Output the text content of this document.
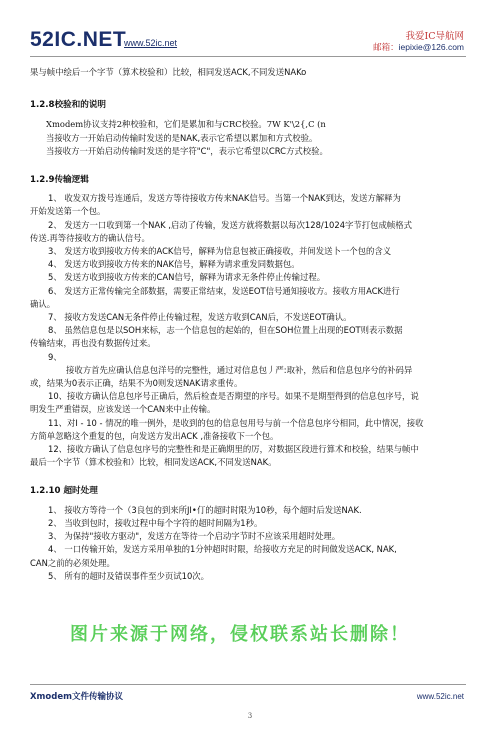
52IC.NET
www.52ic.net
我爱IC导航网
邮箱：iepixie@126.com

果与帧中绘后一个字节（算术校验和）比较，相同发送ACK,不同发送NAKo

1.2.8校验和的说明

Xmodem协议支持2种校验和，它们是累加和与CRC校验。7W K'\2{,C (n

当接收方一开始启动传输时发送的是NAK,表示它希望以累加和方式校验。

当接收方一开始启动传输时发送的是字符"C"，表示它希望以CRC方式校验。

1.2.9传输逻辑

1、 收发双方拨号连通后，发送方等待接收方传来NAK信号。当第一个NAK到达，发送方解释为

开始发送第一个包。

2、 发送方一口收到第一个NAK ,启动了传输，发送方就将数据以每次128/1024字节打包成帧格式

传送.再等待接收方的确认信号。

3、 发送方收到接收方传来的ACK信号，解释为信息包被正确接收，并间发送卜一个包的含义

4、 发送方收到接收方传来的NAK信号，解释为请求重发同数据包。

5、 发送方收到接收方传来的CAN信号，解释为请求无条件停止传输过程。

6、 发送方正常传输完全部数据，需要正常结束，发送EOT信号通知接收方。接收方用ACK进行

确认。

7、 接收方发送CAN无条件停止传输过程，发送方收到CAN后，不发送EOT确认。

8、 虽然信息包是以SOH来标，志一个信息包的起始的，但在SOH位置上出现的EOT则表示数据

传输结束，再也没有数据传过来。

9、

接收方首先应确认信息包洋号的完整性，通过对信息包丿严:取补，然后和信息包序兮的补码异

或，结果为0表示正确，结果不为0则发送NAK请求重传。

10、接收方确认信息包序号正确后，然后检查是否期望的序号。如果不是期型得到的信息包序号，说

明发生严重错误，应该发送一个CAN来中止传输。

11、对I - 10 - 情况的唯一例外，是收到的包的信息包用号与前一个信息包序兮相同，此中情况，接收

方简单忽略这个重复的包，向发送方发出ACK ,准备接收下一个包。

12、接收方确认了信息包序号的完整性和是正确期里的厉，对数据区段进行算术和校验，结果与帧中

最后一个字节（算术校验和）比较，相同发送ACK,不同发送NAK。

1.2.10 超时处理

1、 接收方等待一个（3良包的到来所JI•仃的超时时限为10秒，每个超时后发送NAK.

2、 当收到包时，接收过程中每个字符的超时间隔为1秒。

3、 为保持"接收方驱动"，发送方在等待一个启动字节时不应该采用超时处理。

4、 一口传输开始，发送方采用单独的1分钟超时时限，给接收方充足的时间做发送ACK, NAK,

CAN之前的必须处理。

5、 所有的超时及错误事件至少页试10次。

图片来源于网络，侵权联系站长删除！
Xmodem文件传输协议	www.52ic.net
3
